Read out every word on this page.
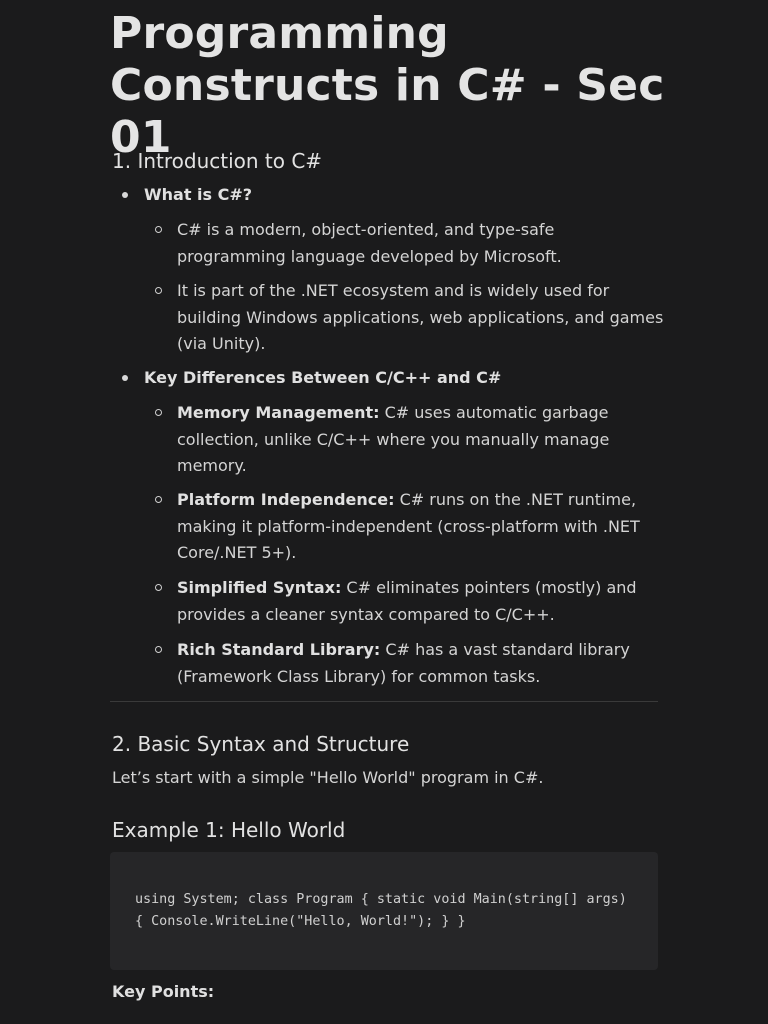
Programming Constructs in C# - Sec 01
1. Introduction to C#
What is C#?
C# is a modern, object-oriented, and type-safe programming language developed by Microsoft.
It is part of the .NET ecosystem and is widely used for building Windows applications, web applications, and games (via Unity).
Key Differences Between C/C++ and C#
Memory Management: C# uses automatic garbage collection, unlike C/C++ where you manually manage memory.
Platform Independence: C# runs on the .NET runtime, making it platform-independent (cross-platform with .NET Core/.NET 5+).
Simplified Syntax: C# eliminates pointers (mostly) and provides a cleaner syntax compared to C/C++.
Rich Standard Library: C# has a vast standard library (Framework Class Library) for common tasks.
2. Basic Syntax and Structure
Let’s start with a simple "Hello World" program in C#.
Example 1: Hello World
using System; class Program { static void Main(string[] args) { Console.WriteLine("Hello, World!"); } }
Key Points:
